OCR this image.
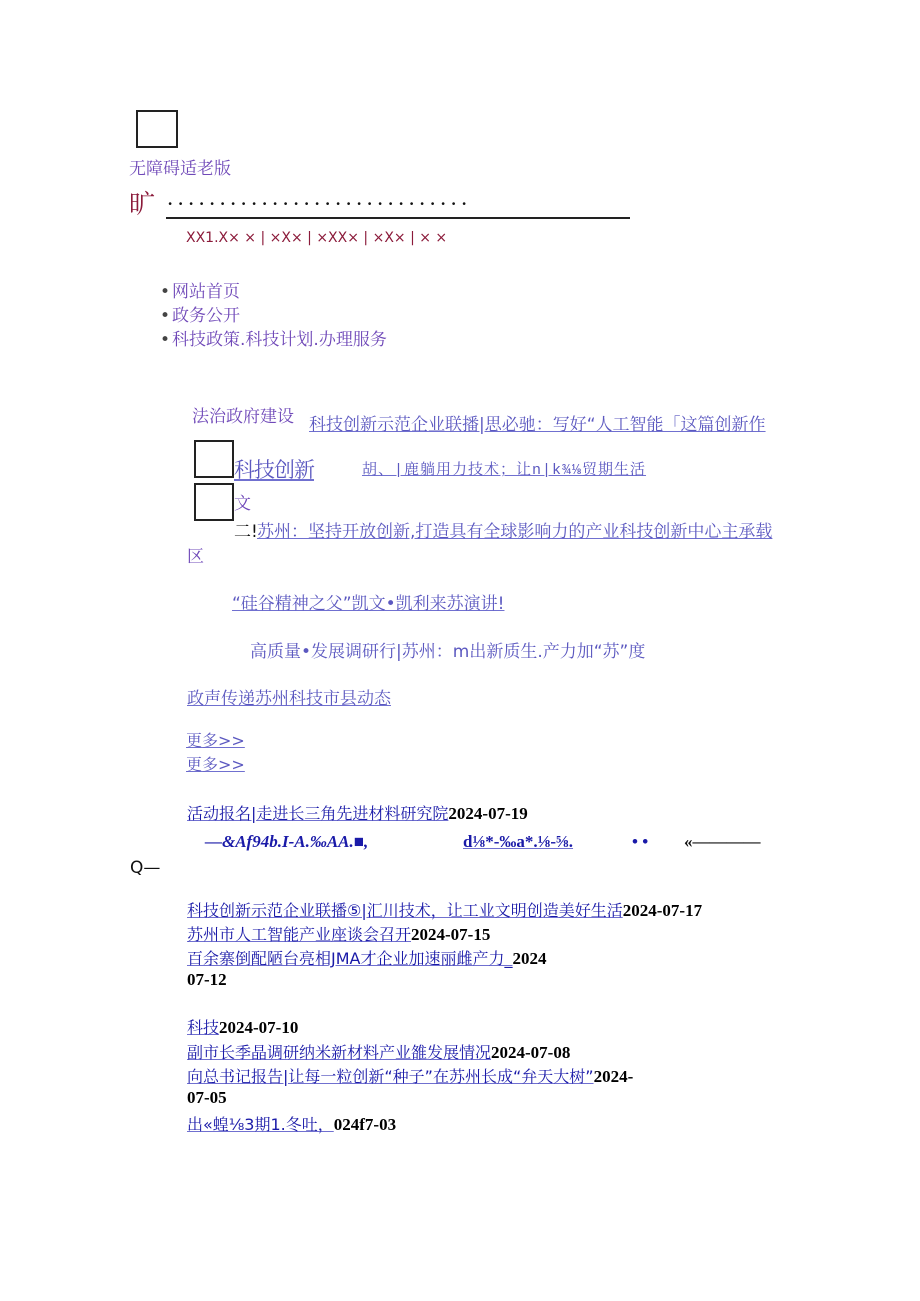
无障碍适老版
旷 . . . . . . . . . . . . . . . . . . . . . . . . . . . . .
XX1.X× × | ×X× | ×XX× | ×X× | × ×
• 网站首页
• 政务公开
• 科技政策.科技计划.办理服务
法治政府建设 科技创新示范企业联播|思必驰：写好“人工智能「这篇创新作
科技创新	胡、|鹿躺用力技术；让n|k¾⅛贸期生活
文
二! 苏州：坚持开放创新,打造具有全球影响力的产业科技创新中心主承载
区
“硅谷精神之父”凯文•凯利来苏演讲!
高质量•发展调研行|苏州：m出新质生.产力加“苏”度
政声传递苏州科技市县动态
更多>>
更多>>
活动报名|走进长三角先进材料研究院2024-07-19
—&Af94b.I-A.‰AA.■,	d⅛*-‰a*.⅛-⅝.	• • «————
Q—
科技创新示范企业联播⑤|汇川技术，让工业文明创造美好生活2024-07-17
苏州市人工智能产业座谈会召开2024-07-15
百余寨倒配陋台亮相JMA才企业加速丽雌产力_2024
07-12
科技2024-07-10
副市长季晶调研纳米新材料产业雒发展情况2024-07-08
向总书记报告|让每一粒创新“种子”在苏州长成“弁天大树”2024-
07-05
出«蝗⅛3期1.冬吐，024f7-03
